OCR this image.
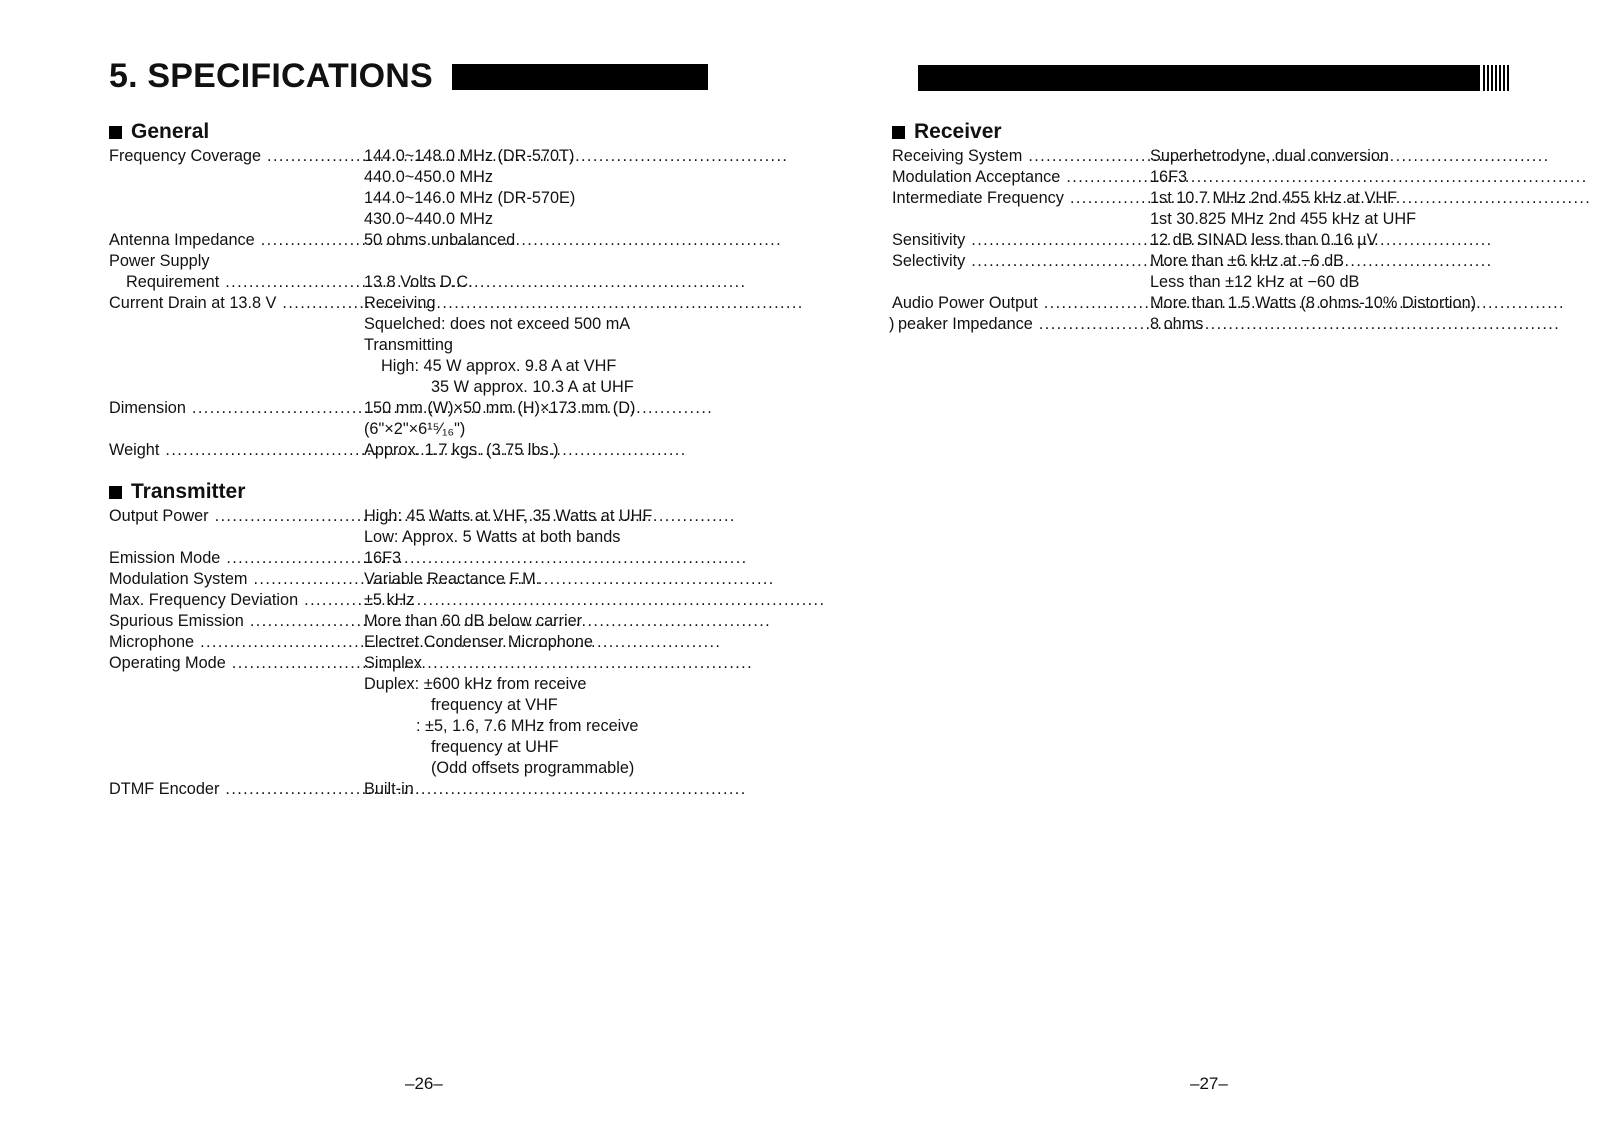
5. SPECIFICATIONS
General
Frequency Coverage .....	144.0~148.0 MHz (DR-570T)
440.0~450.0 MHz
144.0~146.0 MHz (DR-570E)
430.0~440.0 MHz
Antenna Impedance .....	50 ohms unbalanced
Power Supply
Requirement .....	13.8 Volts D.C.
Current Drain at 13.8 V .....	Receiving
Squelched: does not exceed 500 mA
Transmitting
High: 45 W approx. 9.8 A at VHF
35 W approx. 10.3 A at UHF
Dimension .....	150 mm (W)×50 mm (H)×173 mm (D)
(6"×2"×6¹⁵⁄₁₆")
Weight .....	Approx. 1.7 kgs. (3.75 lbs.)
Transmitter
Output Power .....	High: 45 Watts at VHF, 35 Watts at UHF
Low: Approx. 5 Watts at both bands
Emission Mode .....	16F3
Modulation System .....	Variable Reactance F.M.
Max. Frequency Deviation .....	±5 kHz
Spurious Emission .....	More than 60 dB below carrier
Microphone .....	Electret Condenser Microphone
Operating Mode .....	Simplex
Duplex: ±600 kHz from receive
frequency at VHF
: ±5, 1.6, 7.6 MHz from receive
frequency at UHF
(Odd offsets programmable)
DTMF Encoder .....	Built-in
–26–
Receiver
Receiving System .....	Superhetrodyne, dual conversion
Modulation Acceptance .....	16F3
Intermediate Frequency .....	1st 10.7 MHz 2nd 455 kHz at VHF
1st 30.825 MHz 2nd 455 kHz at UHF
Sensitivity .....	12 dB SINAD less than 0.16 µV
Selectivity .....	More than ±6 kHz at −6 dB
Less than ±12 kHz at −60 dB
Audio Power Output .....	More than 1.5 Watts (8 ohms-10% Distortion)
) peaker Impedance .....	8 ohms
–27–
